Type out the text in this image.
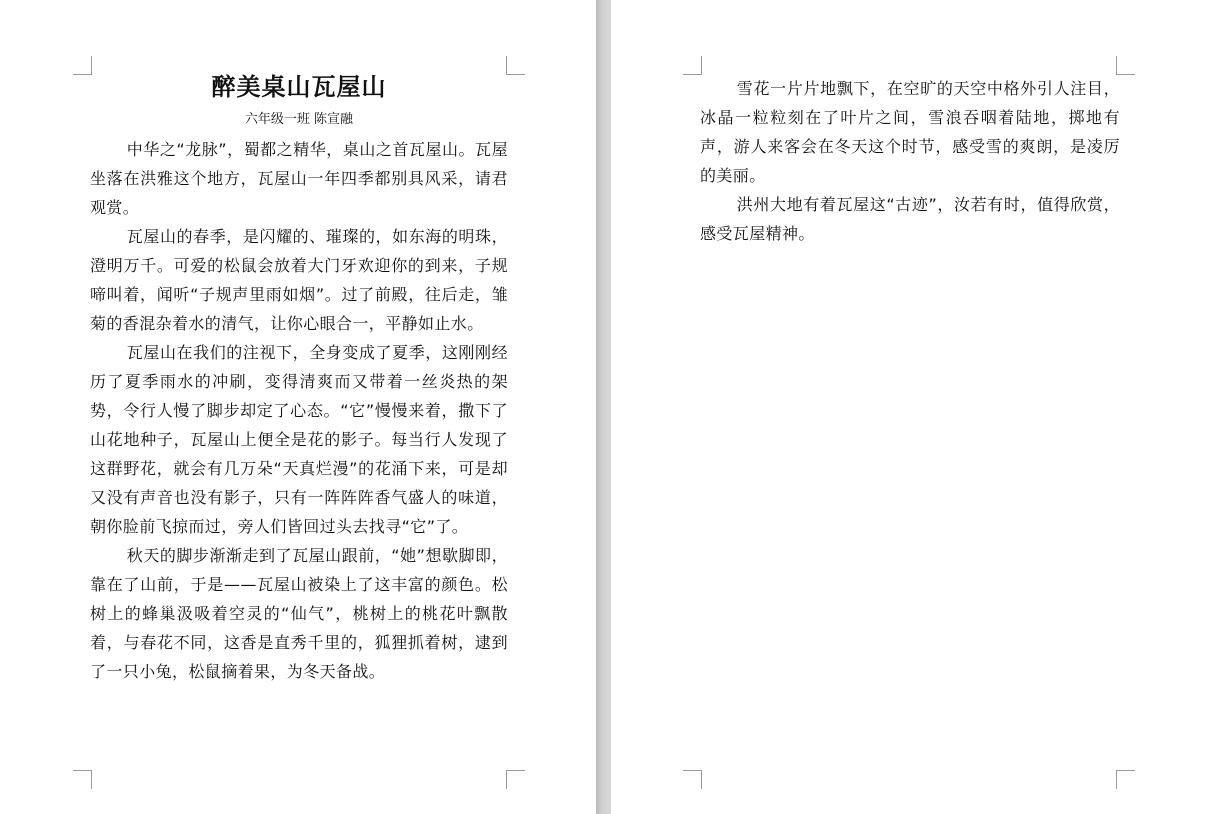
醉美桌山瓦屋山

六年级一班 陈宣融

中华之“龙脉”，蜀都之精华，桌山之首瓦屋山。瓦屋坐落在洪雅这个地方，瓦屋山一年四季都别具风采，请君观赏。

瓦屋山的春季，是闪耀的、璀璨的，如东海的明珠，澄明万千。可爱的松鼠会放着大门牙欢迎你的到来，子规啼叫着，闻听“子规声里雨如烟”。过了前殿，往后走，雏菊的香混杂着水的清气，让你心眼合一，平静如止水。

瓦屋山在我们的注视下，全身变成了夏季，这刚刚经历了夏季雨水的冲刷，变得清爽而又带着一丝炎热的架势，令行人慢了脚步却定了心态。“它”慢慢来着，撒下了山花地种子，瓦屋山上便全是花的影子。每当行人发现了这群野花，就会有几万朵“天真烂漫”的花涌下来，可是却又没有声音也没有影子，只有一阵阵阵香气盛人的味道，朝你脸前飞掠而过，旁人们皆回过头去找寻“它”了。

秋天的脚步渐渐走到了瓦屋山跟前，“她”想歇脚即，靠在了山前，于是——瓦屋山被染上了这丰富的颜色。松树上的蜂巢汲吸着空灵的“仙气”，桃树上的桃花叶飘散着，与春花不同，这香是直秀千里的，狐狸抓着树，逮到了一只小兔，松鼠摘着果，为冬天备战。

雪花一片片地飘下，在空旷的天空中格外引人注目，冰晶一粒粒刻在了叶片之间，雪浪吞咽着陆地，掷地有声，游人来客会在冬天这个时节，感受雪的爽朗，是凌厉的美丽。

洪州大地有着瓦屋这“古迹”，汝若有时，值得欣赏，感受瓦屋精神。
